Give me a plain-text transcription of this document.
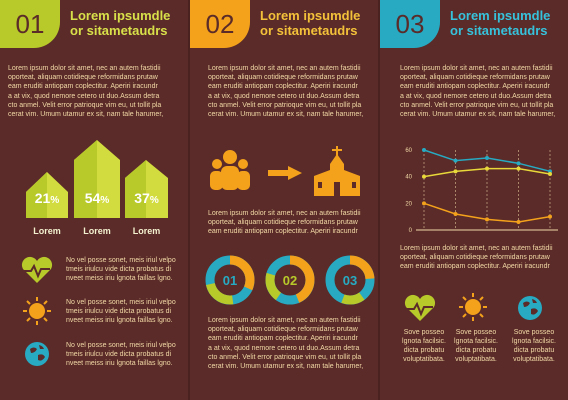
01	Lorem ipsumdle
or sitametaudrs
Lorem ipsum dolor sit amet, nec an autem fastidii
oporteat, aliquam cotidieque reformidans prutaw
eam eruditi antiopam coplectitur. Aperiri iracundr
a at vix, quod nemore cetero ut duo.Assum detra
cto anmel. Velit error patrioque vim eu, ut tollit pla
cerat vim. Umum utamur ex sit, nam tale harumer,
21%	54%	37%
Lorem	Lorem	Lorem
No vel posse sonet, meis iriul velpo
tmeis iriulcu vide dicta probatus di
nveet meiss iriu lgnota faillas lgno.
No vel posse sonet, meis iriul velpo
tmeis iriulcu vide dicta probatus di
nveet meiss iriu lgnota faillas lgno.
No vel posse sonet, meis iriul velpo
tmeis iriulcu vide dicta probatus di
nveet meiss iriu lgnota faillas lgno.
02	Lorem ipsumdle
or sitametaudrs
Lorem ipsum dolor sit amet, nec an autem fastidii
oporteat, aliquam cotidieque reformidans prutaw
eam eruditi antiopam coplectitur. Aperiri iracundr
a at vix, quod nemore cetero ut duo.Assum detra
cto anmel. Velit error patrioque vim eu, ut tollit pla
cerat vim. Umum utamur ex sit, nam tale harumer,
Lorem ipsum dolor sit amet, nec an autem fastidii
oporteat, aliquam cotidieque reformidans prutaw
eam eruditi antiopam coplectitur. Aperiri iracundr
01	02	03
Lorem ipsum dolor sit amet, nec an autem fastidii
oporteat, aliquam cotidieque reformidans prutaw
eam eruditi antiopam coplectitur. Aperiri iracundr
a at vix, quod nemore cetero ut duo.Assum detra
cto anmel. Velit error patrioque vim eu, ut tollit pla
cerat vim. Umum utamur ex sit, nam tale harumer,
03	Lorem ipsumdle
or sitametaudrs
Lorem ipsum dolor sit amet, nec an autem fastidii
oporteat, aliquam cotidieque reformidans prutaw
eam eruditi antiopam coplectitur. Aperiri iracundr
a at vix, quod nemore cetero ut duo.Assum detra
cto anmel. Velit error patrioque vim eu, ut tollit pla
cerat vim. Umum utamur ex sit, nam tale harumer,
0
20
40
60
Lorem ipsum dolor sit amet, nec an autem fastidii
oporteat, aliquam cotidieque reformidans prutaw
eam eruditi antiopam coplectitur. Aperiri iracundr
Sove posseo
lgnota facilsic.
dicta probatu
voluptatibata.
Sove posseo
lgnota facilsic.
dicta probatu
voluptatibata.
Sove posseo
lgnota facilsic.
dicta probatu
voluptatibata.
